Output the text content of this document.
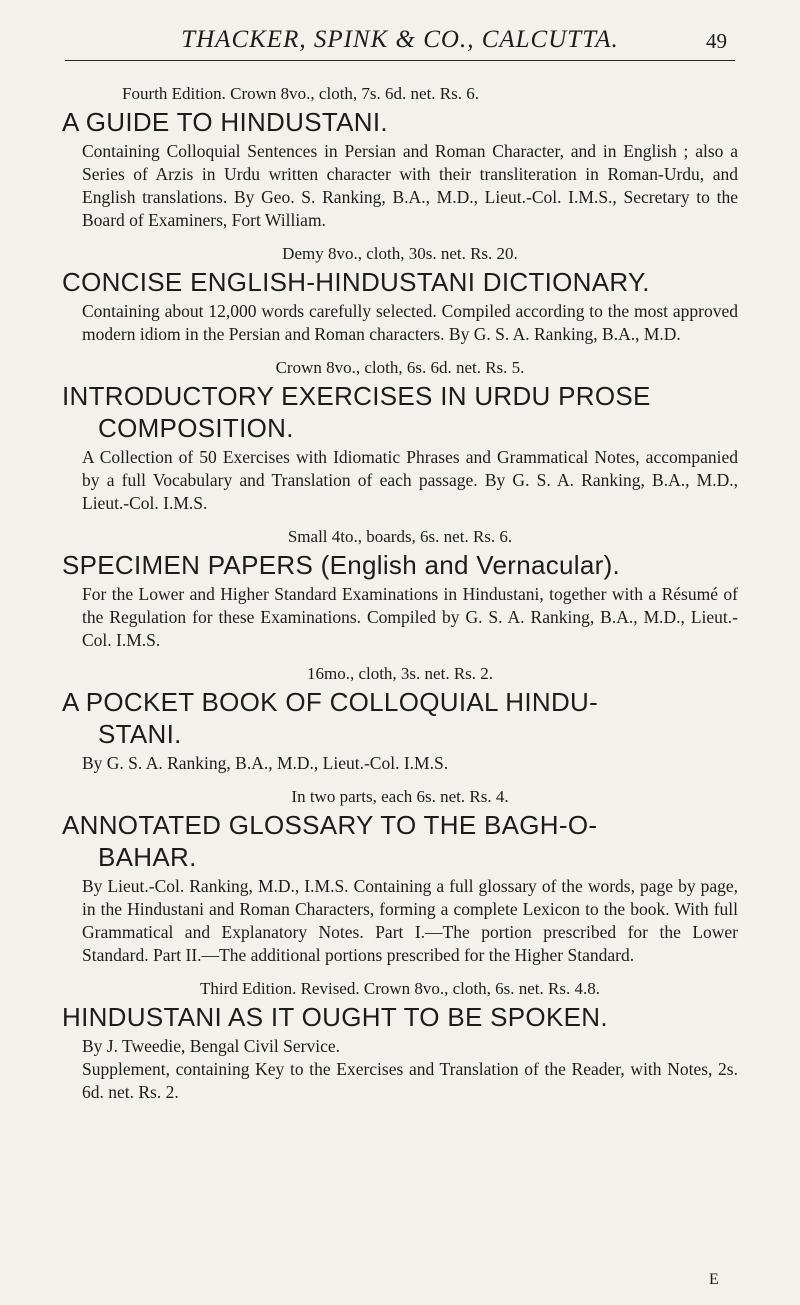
THACKER, SPINK & CO., CALCUTTA.	49

Fourth Edition. Crown 8vo., cloth, 7s. 6d. net. Rs. 6.

A GUIDE TO HINDUSTANI.

Containing Colloquial Sentences in Persian and Roman Character, and in English ; also a Series of Arzis in Urdu written character with their transliteration in Roman-Urdu, and English translations. By Geo. S. Ranking, B.A., M.D., Lieut.-Col. I.M.S., Secretary to the Board of Examiners, Fort William.

Demy 8vo., cloth, 30s. net. Rs. 20.

CONCISE ENGLISH-HINDUSTANI DICTIONARY.

Containing about 12,000 words carefully selected. Compiled according to the most approved modern idiom in the Persian and Roman characters. By G. S. A. Ranking, B.A., M.D.

Crown 8vo., cloth, 6s. 6d. net. Rs. 5.

INTRODUCTORY EXERCISES IN URDU PROSE

COMPOSITION.

A Collection of 50 Exercises with Idiomatic Phrases and Grammatical Notes, accompanied by a full Vocabulary and Translation of each passage. By G. S. A. Ranking, B.A., M.D., Lieut.-Col. I.M.S.

Small 4to., boards, 6s. net. Rs. 6.

SPECIMEN PAPERS (English and Vernacular).

For the Lower and Higher Standard Examinations in Hindustani, together with a Résumé of the Regulation for these Examinations. Compiled by G. S. A. Ranking, B.A., M.D., Lieut.-Col. I.M.S.

16mo., cloth, 3s. net. Rs. 2.

A POCKET BOOK OF COLLOQUIAL HINDU-

STANI.

By G. S. A. Ranking, B.A., M.D., Lieut.-Col. I.M.S.

In two parts, each 6s. net. Rs. 4.

ANNOTATED GLOSSARY TO THE BAGH-O-

BAHAR.

By Lieut.-Col. Ranking, M.D., I.M.S. Containing a full glossary of the words, page by page, in the Hindustani and Roman Characters, forming a complete Lexicon to the book. With full Grammatical and Explanatory Notes. Part I.—The portion prescribed for the Lower Standard. Part II.—The additional portions prescribed for the Higher Standard.

Third Edition. Revised. Crown 8vo., cloth, 6s. net. Rs. 4.8.

HINDUSTANI AS IT OUGHT TO BE SPOKEN.

By J. Tweedie, Bengal Civil Service.
Supplement, containing Key to the Exercises and Translation of the Reader, with Notes, 2s. 6d. net. Rs. 2.

E
